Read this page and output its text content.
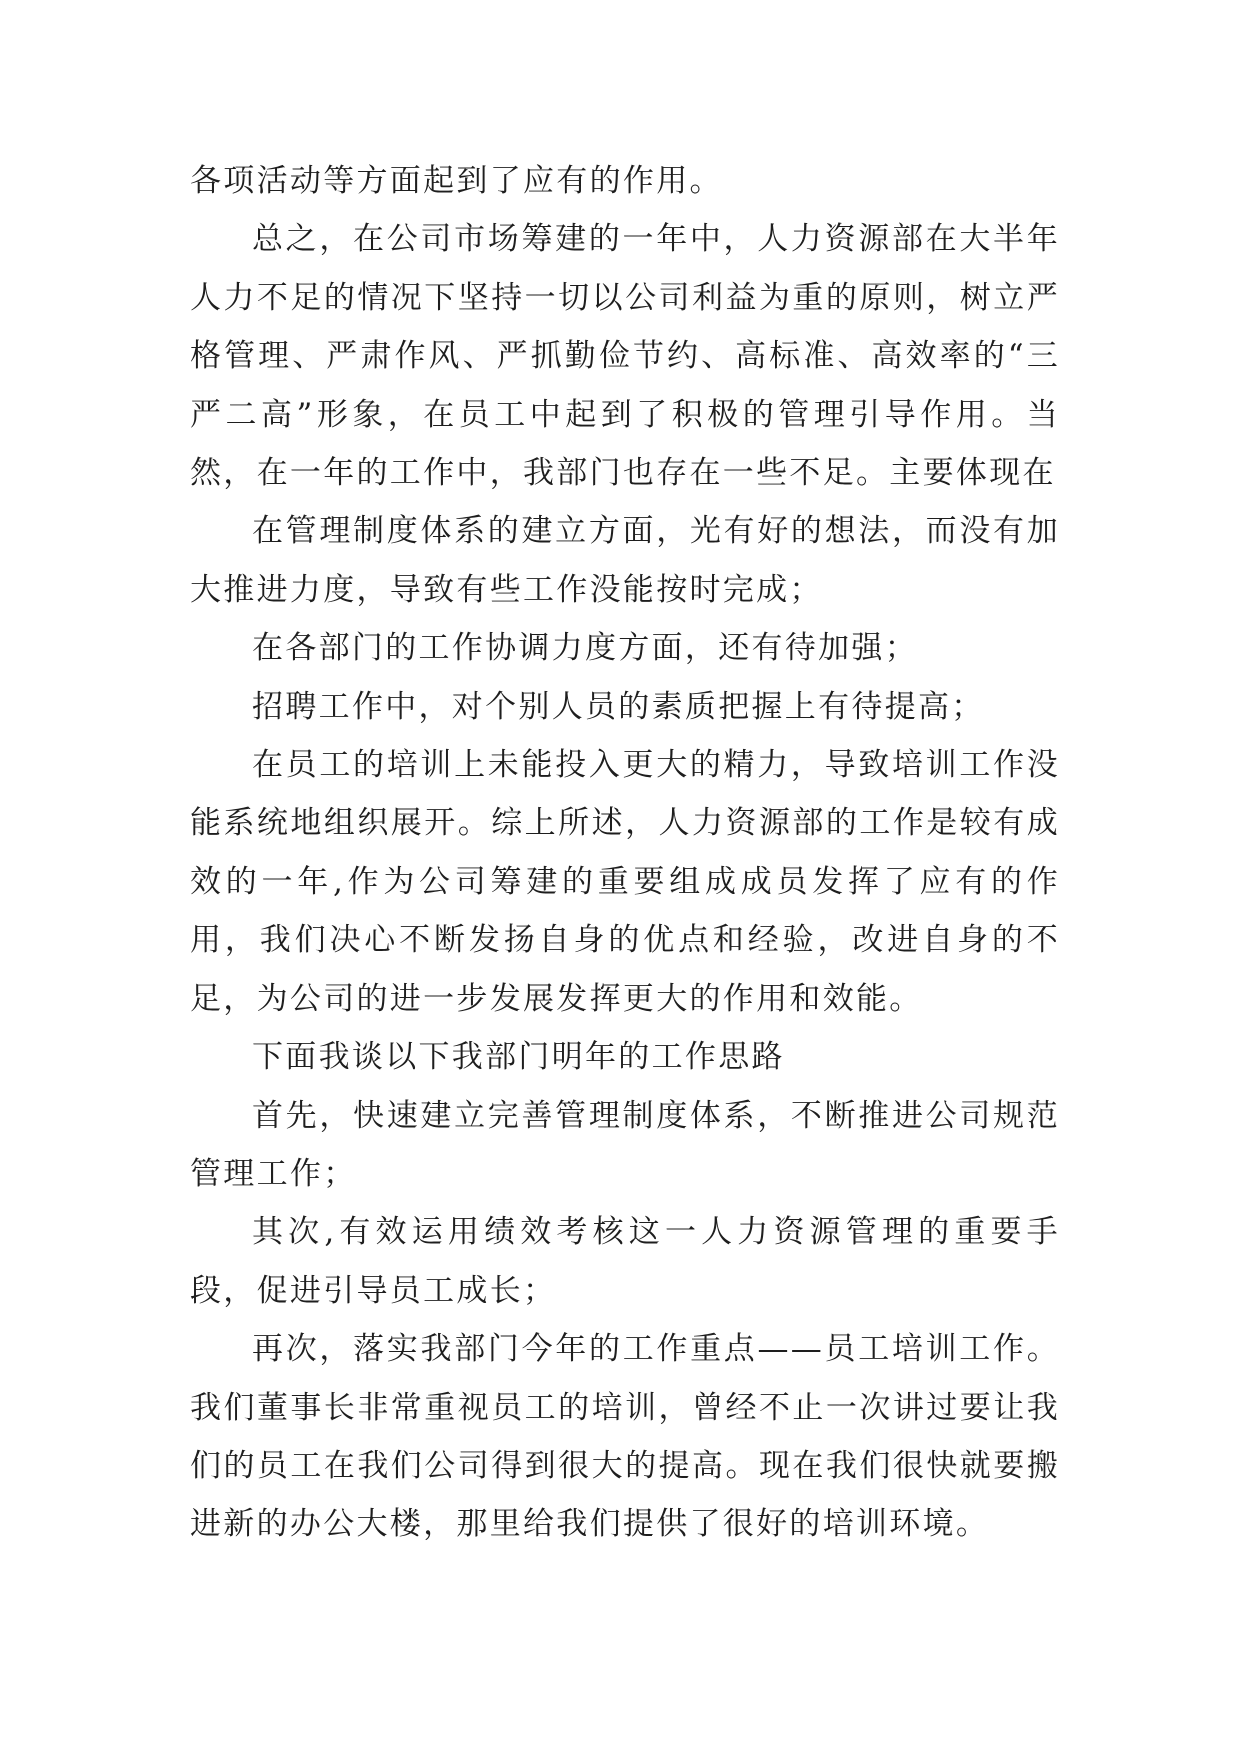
各项活动等方面起到了应有的作用。

总之，在公司市场筹建的一年中，人力资源部在大半年人力不足的情况下坚持一切以公司利益为重的原则，树立严格管理、严肃作风、严抓勤俭节约、高标准、高效率的“三严二高”形象，在员工中起到了积极的管理引导作用。当然，在一年的工作中，我部门也存在一些不足。主要体现在

在管理制度体系的建立方面，光有好的想法，而没有加大推进力度，导致有些工作没能按时完成；

在各部门的工作协调力度方面，还有待加强；

招聘工作中，对个别人员的素质把握上有待提高；

在员工的培训上未能投入更大的精力，导致培训工作没能系统地组织展开。综上所述，人力资源部的工作是较有成效的一年,作为公司筹建的重要组成成员发挥了应有的作用，我们决心不断发扬自身的优点和经验，改进自身的不足，为公司的进一步发展发挥更大的作用和效能。

下面我谈以下我部门明年的工作思路

首先，快速建立完善管理制度体系，不断推进公司规范管理工作；

其次,有效运用绩效考核这一人力资源管理的重要手段，促进引导员工成长；

再次，落实我部门今年的工作重点——员工培训工作。我们董事长非常重视员工的培训，曾经不止一次讲过要让我们的员工在我们公司得到很大的提高。现在我们很快就要搬进新的办公大楼，那里给我们提供了很好的培训环境。
